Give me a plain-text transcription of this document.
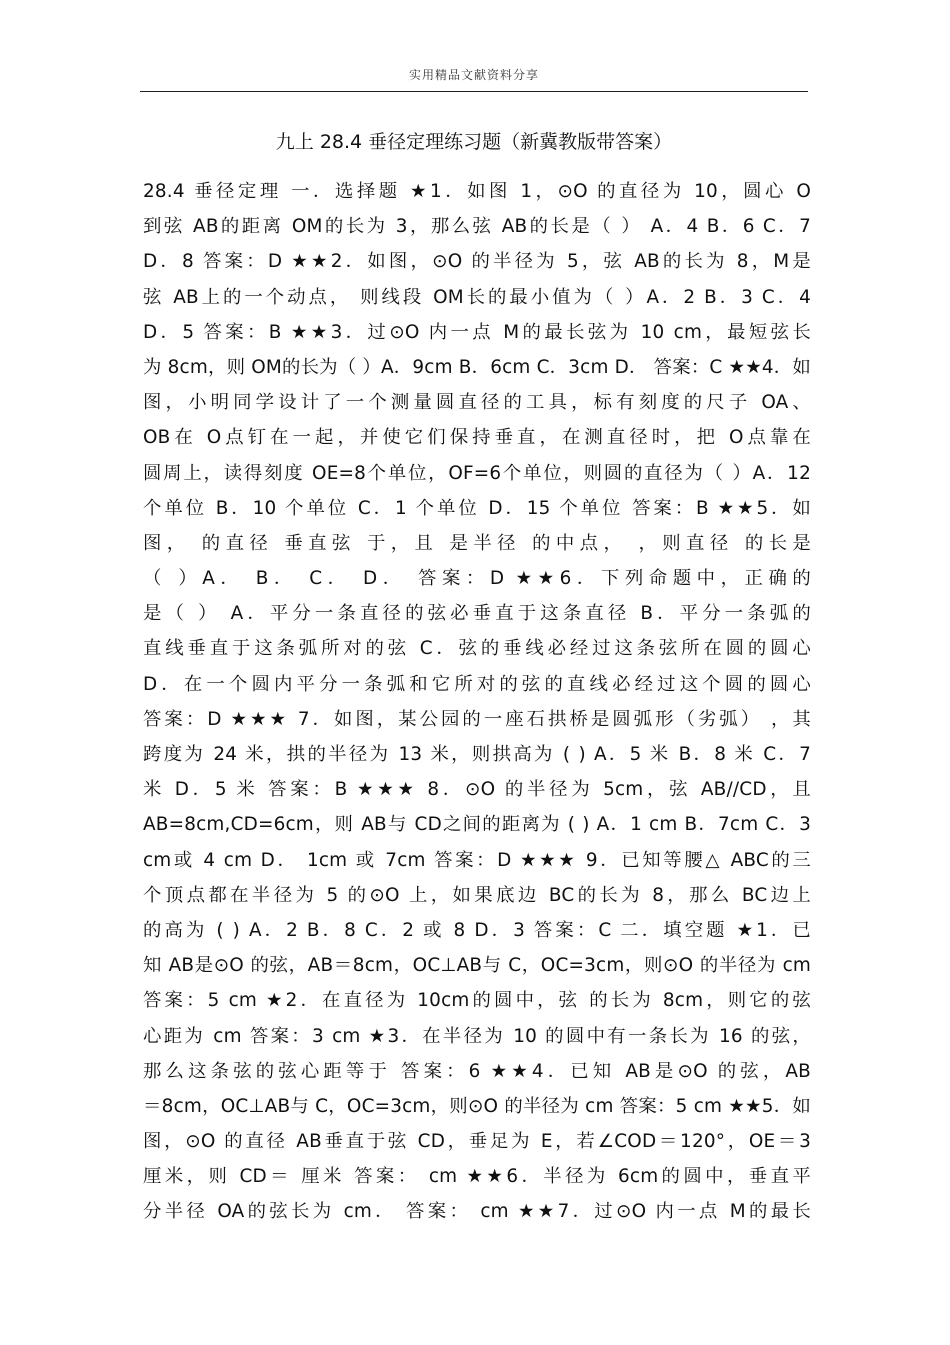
实用精品文献资料分享
九上 28.4 垂径定理练习题（新冀教版带答案）
28.4 垂径定理 一．选择题 ★1．如图 1，⊙O 的直径为 10，圆心 O
到弦 AB的距离 OM的长为 3，那么弦 AB的长是（ ） A．4 B．6 C．7
D．8 答案：D ★★2．如图，⊙O 的半径为 5，弦 AB的长为 8，M是
弦 AB上的一个动点， 则线段 OM长的最小值为（ ）A．2 B．3 C．4
D．5 答案：B ★★3．过⊙O 内一点 M的最长弦为 10 cm，最短弦长
为 8cm，则 OM的长为（ ）A．9cm B．6cm C．3cm D． 答案：C ★★4．如
图，小明同学设计了一个测量圆直径的工具，标有刻度的尺子 OA、
OB在 O点钉在一起，并使它们保持垂直，在测直径时，把 O点靠在
圆周上，读得刻度 OE=8个单位，OF=6个单位，则圆的直径为（ ）A．12
个单位 B．10 个单位 C．1 个单位 D．15 个单位 答案：B ★★5．如
图， 的直径 垂直弦 于，且 是半径 的中点， ，则直径 的长是
（ ）A． B． C． D． 答案：D ★★6．下列命题中，正确的
是（ ） A．平分一条直径的弦必垂直于这条直径 B．平分一条弧的
直线垂直于这条弧所对的弦 C．弦的垂线必经过这条弦所在圆的圆心
D．在一个圆内平分一条弧和它所对的弦的直线必经过这个圆的圆心
答案：D ★★★ 7．如图，某公园的一座石拱桥是圆弧形（劣弧） ，其
跨度为 24 米，拱的半径为 13 米，则拱高为 ( ) A．5 米 B．8 米 C．7
米 D．5 米 答案：B ★★★ 8．⊙O 的半径为 5cm，弦 AB//CD，且
AB=8cm,CD=6cm，则 AB与 CD之间的距离为 ( ) A．1 cm B．7cm C．3
cm或 4 cm D． 1cm 或 7cm 答案：D ★★★ 9．已知等腰△ ABC的三
个顶点都在半径为 5 的⊙O 上，如果底边 BC的长为 8，那么 BC边上
的高为 ( ) A．2 B．8 C．2 或 8 D．3 答案：C 二．填空题 ★1．已
知 AB是⊙O 的弦，AB＝8cm，OC⊥AB与 C，OC=3cm，则⊙O 的半径为 cm
答案：5 cm ★2．在直径为 10cm的圆中，弦 的长为 8cm，则它的弦
心距为 cm 答案：3 cm ★3．在半径为 10 的圆中有一条长为 16 的弦，
那么这条弦的弦心距等于 答案：6 ★★4．已知 AB是⊙O 的弦，AB
＝8cm，OC⊥AB与 C，OC=3cm，则⊙O 的半径为 cm 答案：5 cm ★★5．如
图，⊙O 的直径 AB垂直于弦 CD，垂足为 E，若∠COD＝120°，OE＝3
厘米，则 CD＝ 厘米 答案： cm ★★6．半径为 6cm的圆中，垂直平
分半径 OA的弦长为 cm． 答案： cm ★★7．过⊙O 内一点 M的最长
